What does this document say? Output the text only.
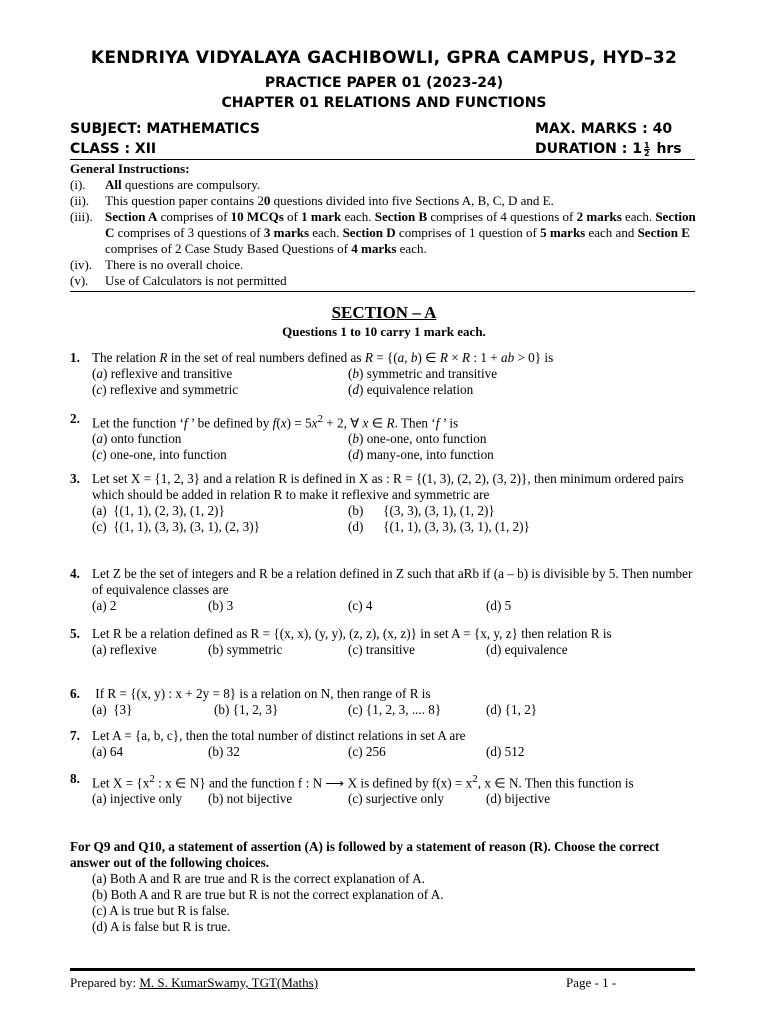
KENDRIYA VIDYALAYA GACHIBOWLI, GPRA CAMPUS, HYD–32
PRACTICE PAPER 01 (2023-24)
CHAPTER 01 RELATIONS AND FUNCTIONS
SUBJECT: MATHEMATICS	MAX. MARKS : 40
CLASS : XII	DURATION : $1 \frac{1}{2}$ hrs
General Instructions:
(i). All questions are compulsory.
(ii). This question paper contains 20 questions divided into five Sections A, B, C, D and E.
(iii). Section A comprises of 10 MCQs of 1 mark each. Section B comprises of 4 questions of 2 marks each. Section C comprises of 3 questions of 3 marks each. Section D comprises of 1 question of 5 marks each and Section E comprises of 2 Case Study Based Questions of 4 marks each.
(iv). There is no overall choice.
(v). Use of Calculators is not permitted
SECTION – A
Questions 1 to 10 carry 1 mark each.
1. The relation R in the set of real numbers defined as R = {(a, b) ∈ R × R : 1 + ab > 0} is
(a) reflexive and transitive	(b) symmetric and transitive
(c) reflexive and symmetric	(d) equivalence relation
2. Let the function ‘f ’ be defined by $f(x) = 5x^2 + 2$, ∀ x ∈ R. Then ‘f ’ is
(a) onto function	(b) one-one, onto function
(c) one-one, into function	(d) many-one, into function
3. Let set X = {1, 2, 3} and a relation R is defined in X as : R = {(1, 3), (2, 2), (3, 2)}, then minimum ordered pairs which should be added in relation R to make it reflexive and symmetric are
(a)  {(1, 1), (2, 3), (1, 2)}	(b)      {(3, 3), (3, 1), (1, 2)}
(c)  {(1, 1), (3, 3), (3, 1), (2, 3)}	(d)      {(1, 1), (3, 3), (3, 1), (1, 2)}
4. Let Z be the set of integers and R be a relation defined in Z such that aRb if (a – b) is divisible by 5. Then number of equivalence classes are
(a) 2	(b) 3	(c) 4	(d) 5
5. Let R be a relation defined as R = {(x, x), (y, y), (z, z), (x, z)} in set A = {x, y, z} then relation R is
(a) reflexive	(b) symmetric	(c) transitive	(d) equivalence
6. If R = {(x, y) : x + 2y = 8} is a relation on N, then range of R is
(a)  {3}	(b) {1, 2, 3}	(c) {1, 2, 3, .... 8}	(d) {1, 2}
7. Let A = {a, b, c}, then the total number of distinct relations in set A are
(a) 64	(b) 32	(c) 256	(d) 512
8. Let $X = \{x^2$ : x ∈ N} and the function f : N ⟶ X is defined by $f(x) = x^2$, x ∈ N. Then this function is
(a) injective only (b) not bijective	(c) surjective only	(d) bijective
For Q9 and Q10, a statement of assertion (A) is followed by a statement of reason (R). Choose the correct answer out of the following choices.
(a) Both A and R are true and R is the correct explanation of A.
(b) Both A and R are true but R is not the correct explanation of A.
(c) A is true but R is false.
(d) A is false but R is true.
Prepared by: M. S. KumarSwamy, TGT(Maths)	Page - 1 -
